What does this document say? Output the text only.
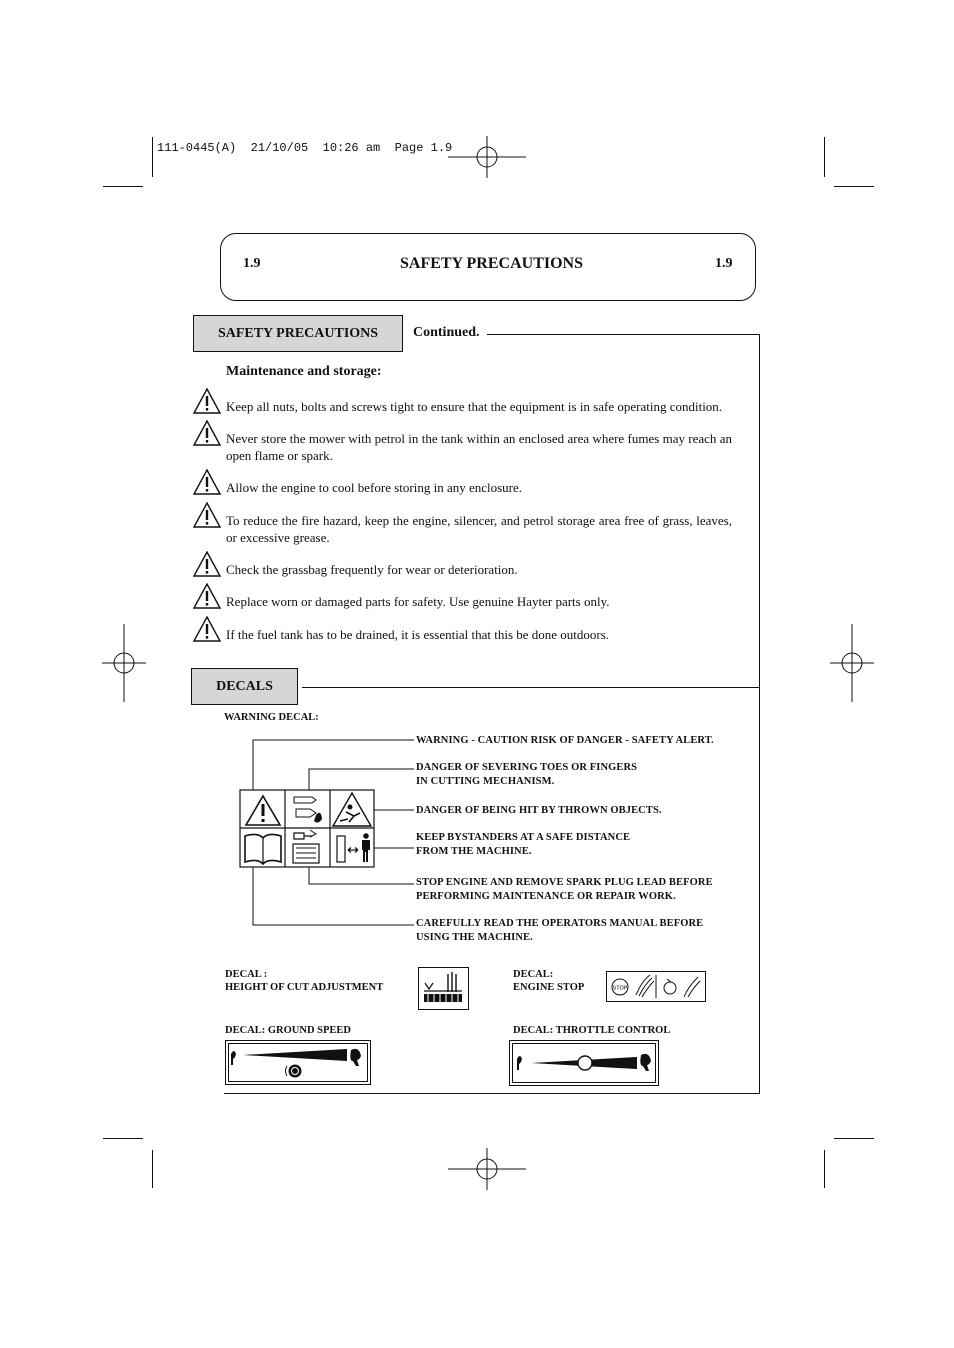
111-0445(A)  21/10/05  10:26 am  Page 1.9
1.9	SAFETY PRECAUTIONS	1.9
SAFETY PRECAUTIONS Continued.
Maintenance and storage:
Keep all nuts, bolts and screws tight to ensure that the equipment is in safe operating condition.
Never store the mower with petrol in the tank within an enclosed area where fumes may reach an open flame or spark.
Allow the engine to cool before storing in any enclosure.
To reduce the fire hazard, keep the engine, silencer, and petrol storage area free of grass, leaves, or excessive grease.
Check the grassbag frequently for wear or deterioration.
Replace worn or damaged parts for safety. Use genuine Hayter parts only.
If the fuel tank has to be drained, it is essential that this be done outdoors.
DECALS
WARNING DECAL:
WARNING - CAUTION RISK OF DANGER - SAFETY ALERT.
DANGER OF SEVERING TOES OR FINGERS
IN CUTTING MECHANISM.
DANGER OF BEING HIT BY THROWN OBJECTS.
KEEP BYSTANDERS AT A SAFE DISTANCE
FROM THE MACHINE.
STOP ENGINE AND REMOVE SPARK PLUG LEAD BEFORE
PERFORMING MAINTENANCE OR REPAIR WORK.
CAREFULLY READ THE OPERATORS MANUAL BEFORE
USING THE MACHINE.
DECAL :
HEIGHT OF CUT ADJUSTMENT
DECAL:
ENGINE STOP	STOP
DECAL: GROUND SPEED	DECAL: THROTTLE CONTROL
